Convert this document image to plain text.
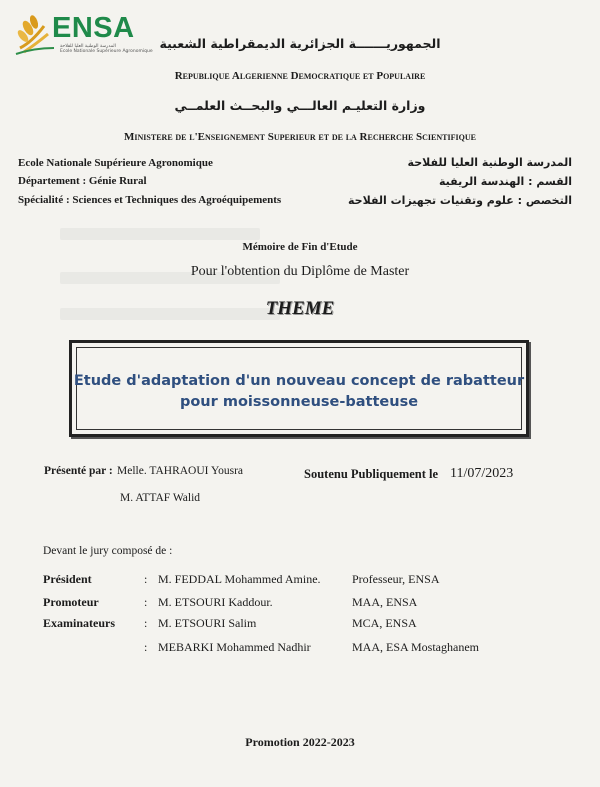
ENSA
المدرسة الوطنية العليا للفلاحة
Ecole Nationale Supérieure Agronomique
الجمهوريـــــــة الجزائرية الديمقراطية الشعبية
Republique Algerienne Democratique et Populaire
وزارة التعليـم العالـــي والبحــث العلمــي
Ministere de l'Enseignement Superieur et de la Recherche Scientifique
Ecole Nationale Supérieure Agronomique	المدرسة الوطنية العليا للفلاحة
Département : Génie Rural	القسم : الهندسة الريفية
Spécialité : Sciences et Techniques des Agroéquipements	التخصص : علوم وتقنيات تجهيزات الفلاحة
Mémoire de Fin d'Etude
Pour l'obtention du Diplôme de Master
THEME
Etude d'adaptation d'un nouveau concept de rabatteur
pour moissonneuse-batteuse
Présenté par : Melle. TAHRAOUI Yousra
M. ATTAF Walid
Soutenu Publiquement le 11/07/2023
Devant le jury composé de :
Président	: M. FEDDAL Mohammed Amine.	Professeur, ENSA
Promoteur	: M. ETSOURI Kaddour.	MAA, ENSA
Examinateurs : M. ETSOURI Salim	MCA, ENSA
: MEBARKI Mohammed Nadhir	MAA, ESA Mostaghanem
Promotion 2022-2023
